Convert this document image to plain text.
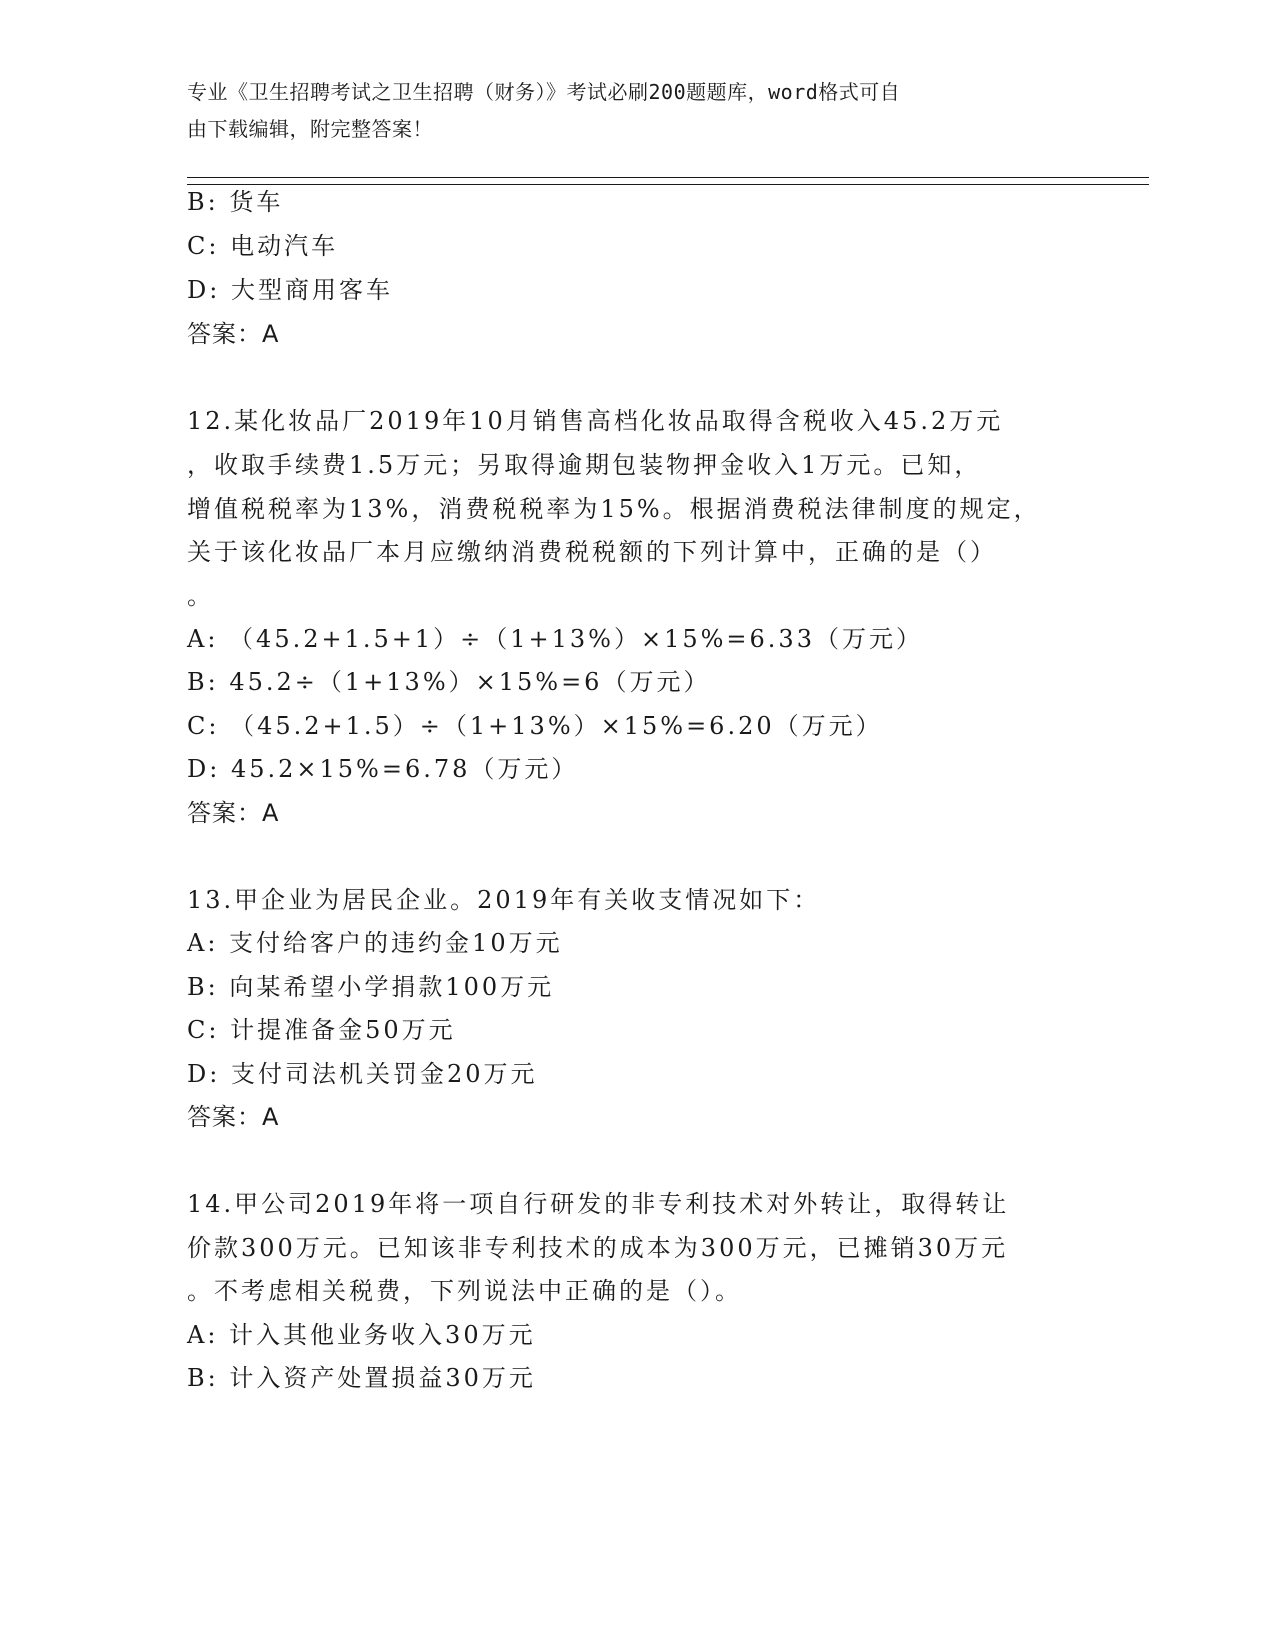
专业《卫生招聘考试之卫生招聘（财务）》考试必刷200题题库，word格式可自
由下载编辑，附完整答案！
B: 货车
C: 电动汽车
D: 大型商用客车
答案：A
12.某化妆品厂2019年10月销售高档化妆品取得含税收入45.2万元
，收取手续费1.5万元；另取得逾期包装物押金收入1万元。已知，
增值税税率为13%，消费税税率为15%。根据消费税法律制度的规定，
关于该化妆品厂本月应缴纳消费税税额的下列计算中，正确的是（）
。
A: （45.2+1.5+1）÷（1+13%）×15%=6.33（万元）
B: 45.2÷（1+13%）×15%=6（万元）
C: （45.2+1.5）÷（1+13%）×15%=6.20（万元）
D: 45.2×15%=6.78（万元）
答案：A
13.甲企业为居民企业。2019年有关收支情况如下：
A: 支付给客户的违约金10万元
B: 向某希望小学捐款100万元
C: 计提准备金50万元
D: 支付司法机关罚金20万元
答案：A
14.甲公司2019年将一项自行研发的非专利技术对外转让，取得转让
价款300万元。已知该非专利技术的成本为300万元，已摊销30万元
。不考虑相关税费，下列说法中正确的是（）。
A: 计入其他业务收入30万元
B: 计入资产处置损益30万元
